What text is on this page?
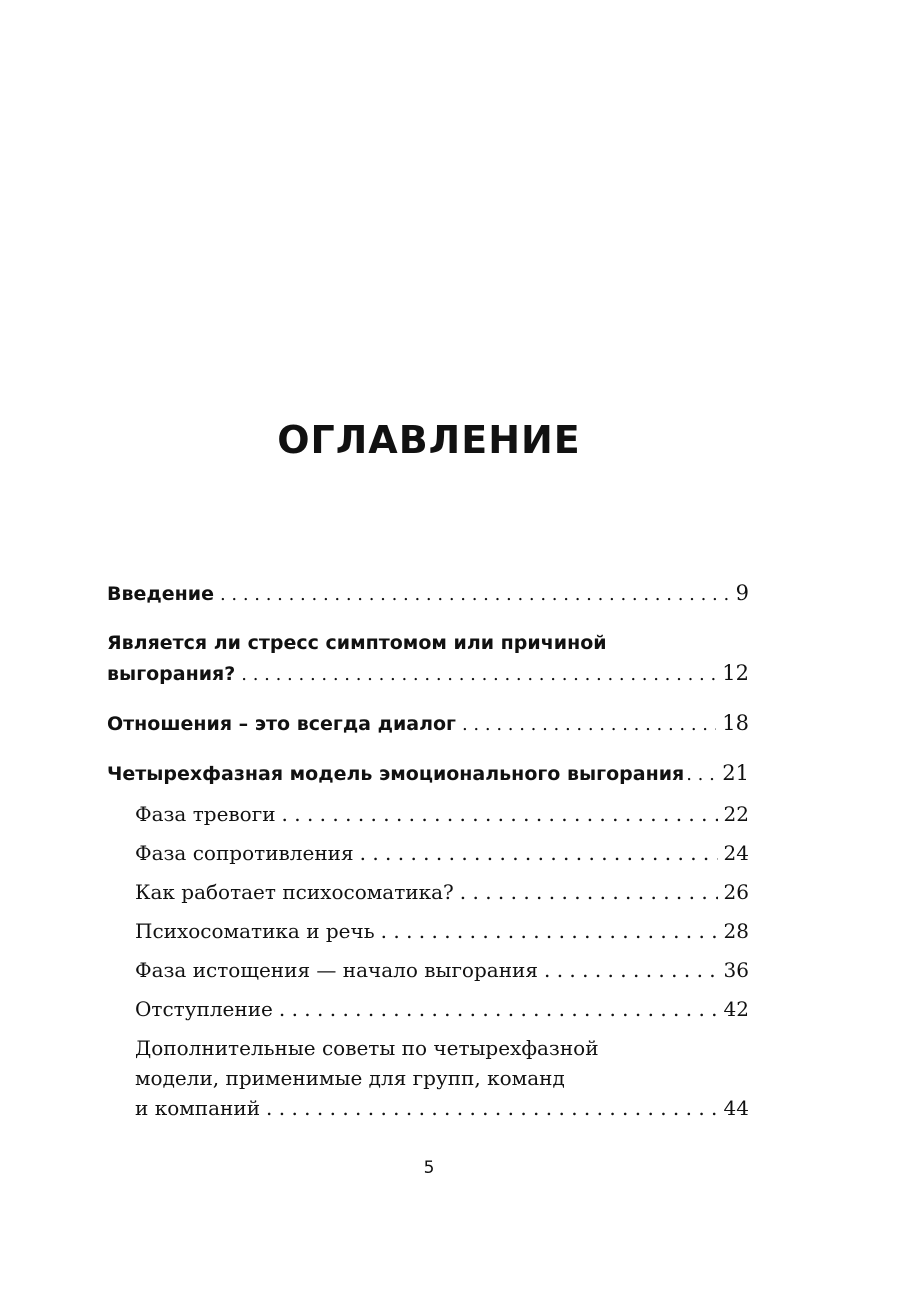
ОГЛАВЛЕНИЕ
Введение . . .	9
Является ли стресс симптомом или причиной
выгорания? . . .	12
Отношения – это всегда диалог . . .	18
Четырехфазная модель эмоционального выгорания . . . 21
Фаза тревоги . . .	22
Фаза сопротивления . . .	24
Как работает психосоматика? . . .	26
Психосоматика и речь . . .	28
Фаза истощения — начало выгорания . . .	36
Отступление . . .	42
Дополнительные советы по четырехфазной
модели, применимые для групп, команд
и компаний . . .	44
5
